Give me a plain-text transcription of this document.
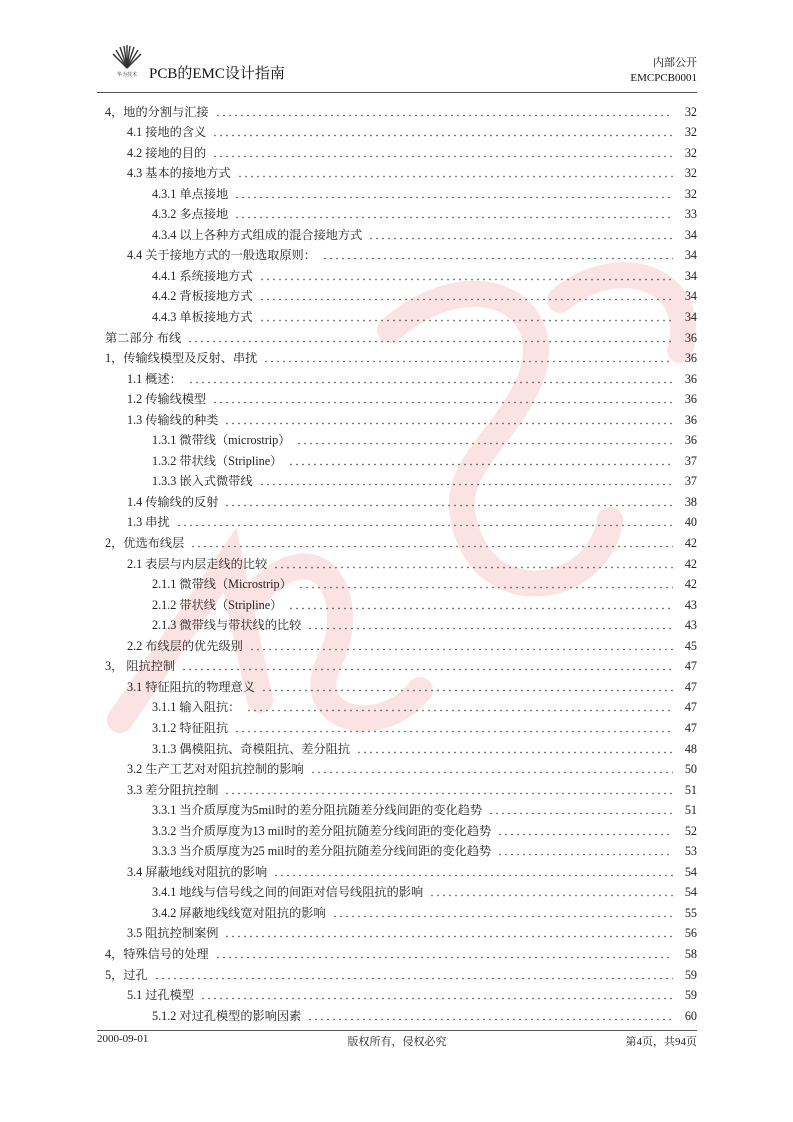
华为技术 PCB的EMC设计指南
内部公开
EMCPCB0001
4，地的分割与汇接	32
4.1 接地的含义	32
4.2 接地的目的	32
4.3 基本的接地方式	32
4.3.1 单点接地	32
4.3.2 多点接地	33
4.3.4 以上各种方式组成的混合接地方式	34
4.4 关于接地方式的一般选取原则：	34
4.4.1 系统接地方式	34
4.4.2 背板接地方式	34
4.4.3 单板接地方式	34
第二部分 布线	36
1，传输线模型及反射、串扰	36
1.1 概述：	36
1.2 传输线模型	36
1.3 传输线的种类	36
1.3.1 微带线（microstrip）	36
1.3.2 带状线（Stripline）	37
1.3.3 嵌入式微带线	37
1.4 传输线的反射	38
1.3 串扰	40
2，优选布线层	42
2.1 表层与内层走线的比较	42
2.1.1 微带线（Microstrip）	42
2.1.2 带状线（Stripline）	43
2.1.3 微带线与带状线的比较	43
2.2 布线层的优先级别	45
3， 阻抗控制	47
3.1 特征阻抗的物理意义	47
3.1.1 输入阻抗：	47
3.1.2 特征阻抗	47
3.1.3 偶模阻抗、奇模阻抗、差分阻抗	48
3.2 生产工艺对对阻抗控制的影响	50
3.3 差分阻抗控制	51
3.3.1 当介质厚度为5mil时的差分阻抗随差分线间距的变化趋势	51
3.3.2 当介质厚度为13 mil时的差分阻抗随差分线间距的变化趋势	52
3.3.3 当介质厚度为25 mil时的差分阻抗随差分线间距的变化趋势	53
3.4 屏蔽地线对阻抗的影响	54
3.4.1 地线与信号线之间的间距对信号线阻抗的影响	54
3.4.2 屏蔽地线线宽对阻抗的影响	55
3.5 阻抗控制案例	56
4，特殊信号的处理	58
5，过孔	59
5.1 过孔模型	59
5.1.2 对过孔模型的影响因素	60
2000-09-01	版权所有，侵权必究	第4页，共94页
